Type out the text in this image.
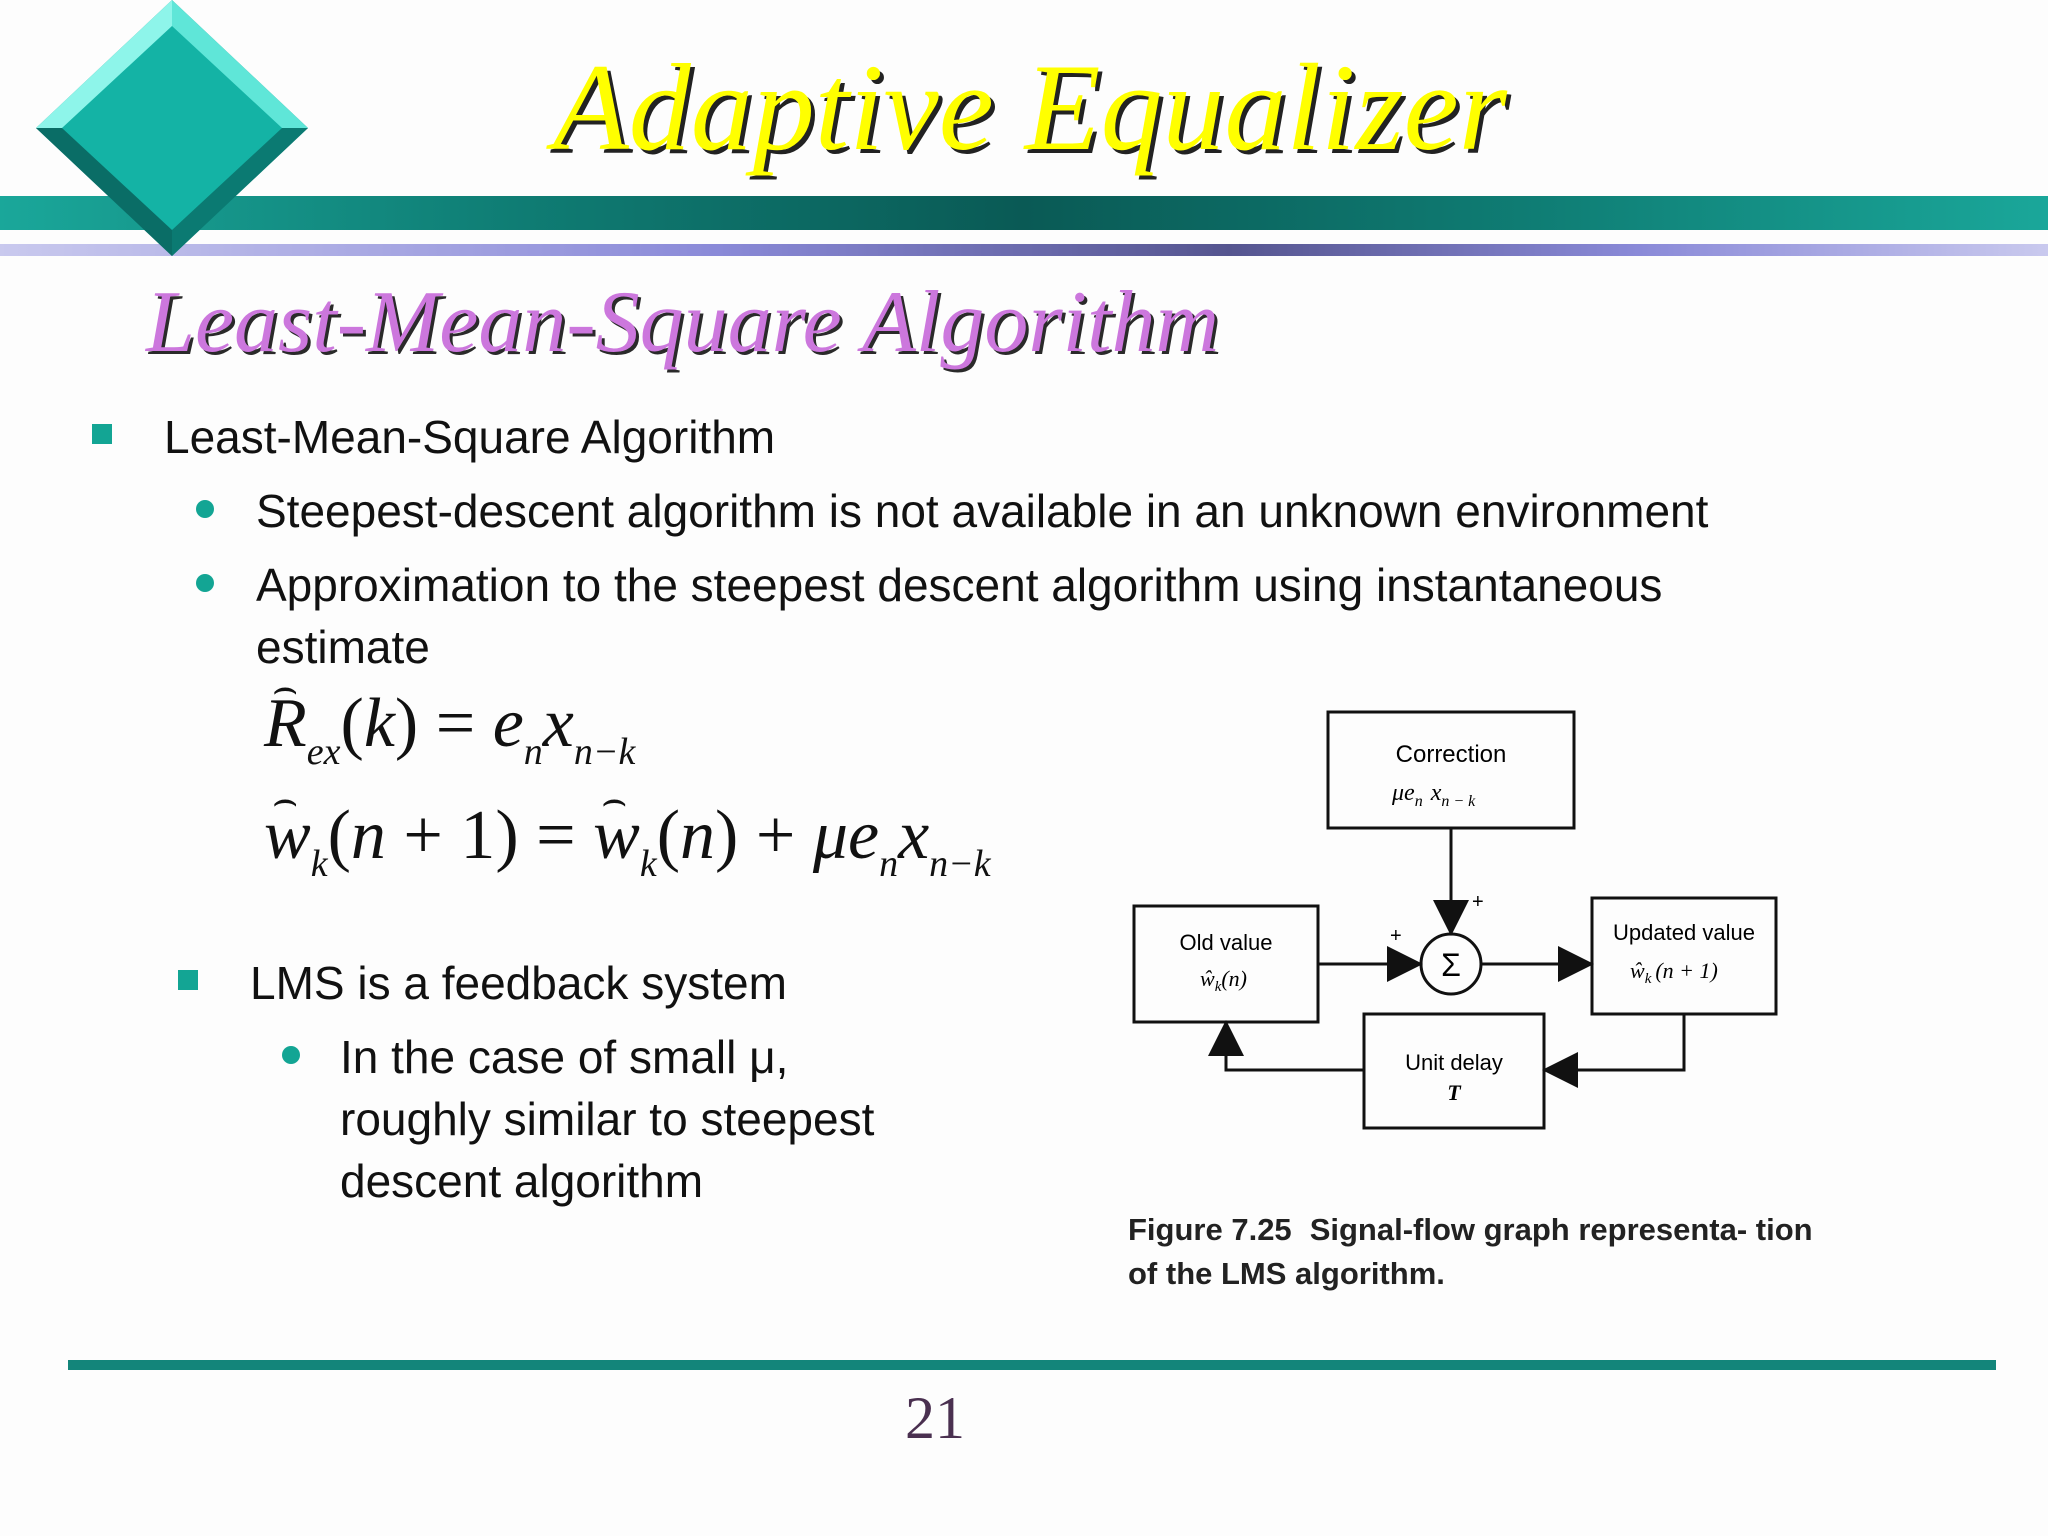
Adaptive Equalizer
Least-Mean-Square Algorithm
Least-Mean-Square Algorithm
Steepest-descent algorithm is not available in an unknown environment
Approximation to the steepest descent algorithm using instantaneous
estimate
⌢ $R_{ex}(k) = e_nx_{n-k}$
⌢ $w_k(n + 1)$ = ⌢ $w_k(n) + \mu e_nx_{n-k}$
LMS is a feedback system
In the case of small μ,
roughly similar to steepest
descent algorithm
Correction
$\mu e_n$ $x_{n - k}$
Old value
$ŵ_k(n)$	Σ
+
+	Updated value
$ŵ_k$ (n + 1)
Unit delay
T
Figure 7.25 Signal-flow graph representa- tion of the LMS algorithm.
21
